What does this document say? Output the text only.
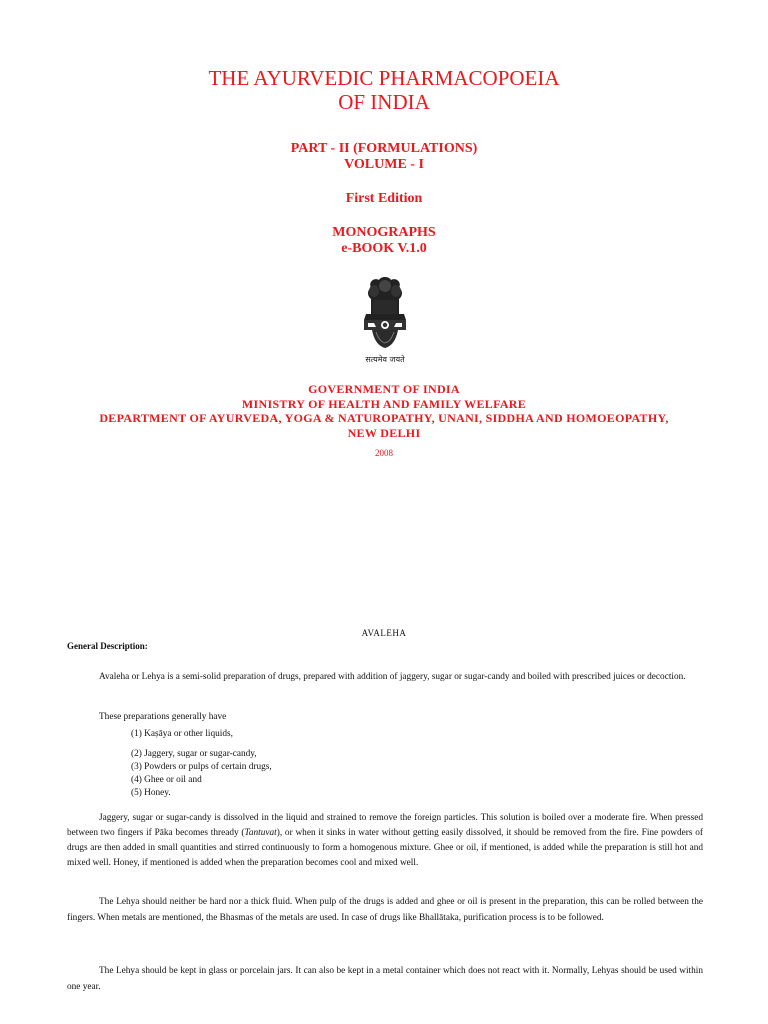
THE AYURVEDIC PHARMACOPOEIA
OF INDIA
PART - II (FORMULATIONS)
VOLUME - I
First Edition
MONOGRAPHS
e-BOOK V.1.0
सत्यमेव जयते
GOVERNMENT OF INDIA
MINISTRY OF HEALTH AND FAMILY WELFARE
DEPARTMENT OF AYURVEDA, YOGA & NATUROPATHY, UNANI, SIDDHA AND HOMOEOPATHY,
NEW DELHI
2008
AVALEHA
General Description:

Avaleha or Lehya is a semi-solid preparation of drugs, prepared with addition of jaggery, sugar or sugar-candy and boiled with prescribed juices or decoction.

These preparations generally have

(1) Kaṣāya or other liquids,
(2) Jaggery, sugar or sugar-candy,
(3) Powders or pulps of certain drugs,
(4) Ghee or oil and
(5) Honey.

Jaggery, sugar or sugar-candy is dissolved in the liquid and strained to remove the foreign particles. This solution is boiled over a moderate fire. When pressed between two fingers if Pāka becomes thready (Tantuvat), or when it sinks in water without getting easily dissolved, it should be removed from the fire. Fine powders of drugs are then added in small quantities and stirred continuously to form a homogenous mixture. Ghee or oil, if mentioned, is added while the preparation is still hot and mixed well. Honey, if mentioned is added when the preparation becomes cool and mixed well.

The Lehya should neither be hard nor a thick fluid. When pulp of the drugs is added and ghee or oil is present in the preparation, this can be rolled between the fingers. When metals are mentioned, the Bhasmas of the metals are used. In case of drugs like Bhallātaka, purification process is to be followed.

The Lehya should be kept in glass or porcelain jars. It can also be kept in a metal container which does not react with it. Normally, Lehyas should be used within one year.
